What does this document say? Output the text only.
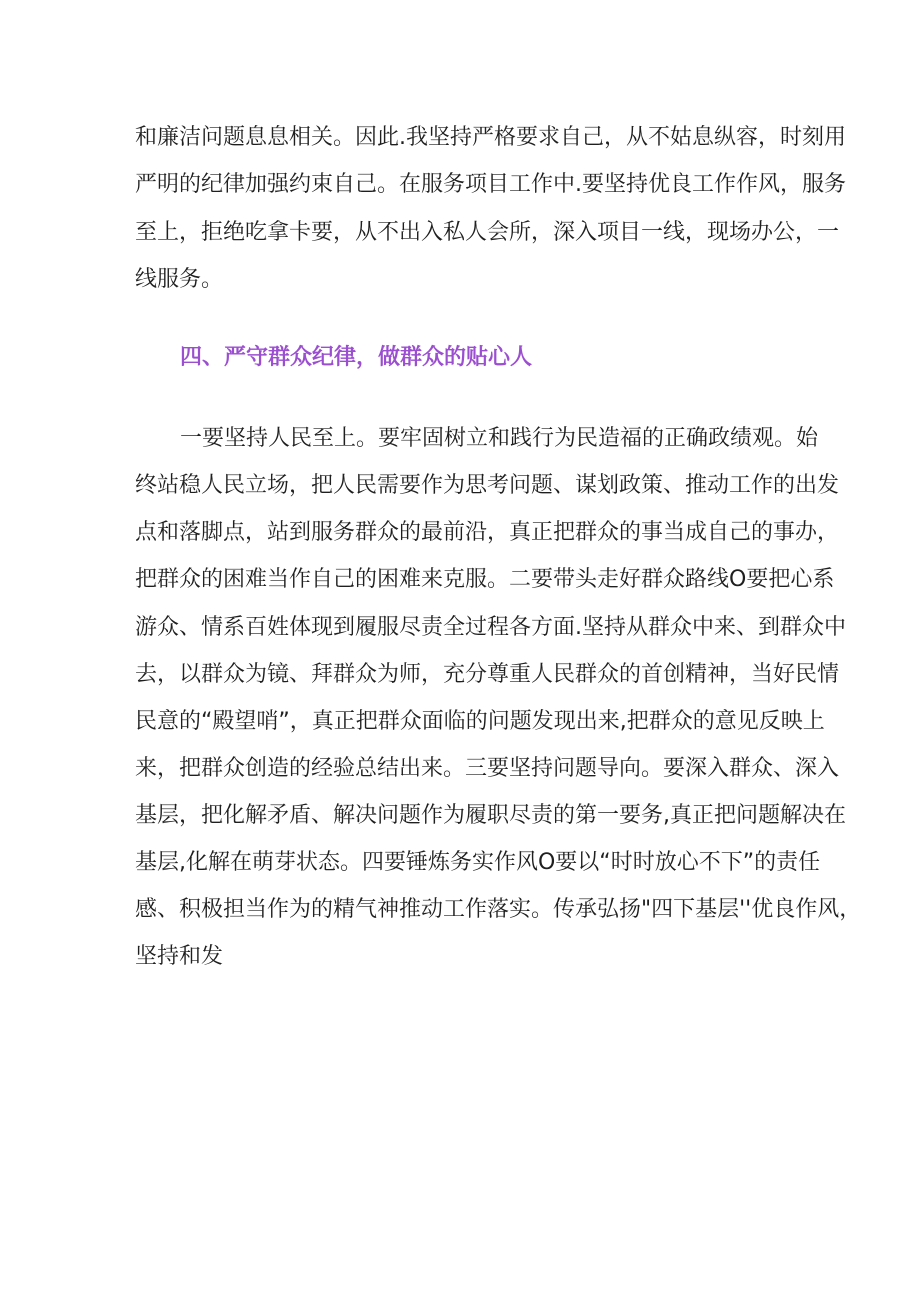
和廉洁问题息息相关。因此.我坚持严格要求自己，从不姑息纵容，时刻用

严明的纪律加强约束自己。在服务项目工作中.要坚持优良工作作风，服务

至上，拒绝吃拿卡要，从不出入私人会所，深入项目一线，现场办公，一

线服务。

四、严守群众纪律，做群众的贴心人

一要坚持人民至上。要牢固树立和践行为民造福的正确政绩观。始

终站稳人民立场，把人民需要作为思考问题、谋划政策、推动工作的出发

点和落脚点，站到服务群众的最前沿，真正把群众的事当成自己的事办，

把群众的困难当作自己的困难来克服。二要带头走好群众路线O要把心系

游众、情系百姓体现到履服尽责全过程各方面.坚持从群众中来、到群众中

去，以群众为镜、拜群众为师，充分尊重人民群众的首创精神，当好民情

民意的“殿望哨”，真正把群众面临的问题发现出来,把群众的意见反映上

来，把群众创造的经验总结出来。三要坚持问题导向。要深入群众、深入

基层，把化解矛盾、解决问题作为履职尽责的第一要务,真正把问题解决在

基层,化解在萌芽状态。四要锤炼务实作风O要以“时时放心不下”的责任

感、积极担当作为的精气神推动工作落实。传承弘扬"四下基层''优良作风，

坚持和发
